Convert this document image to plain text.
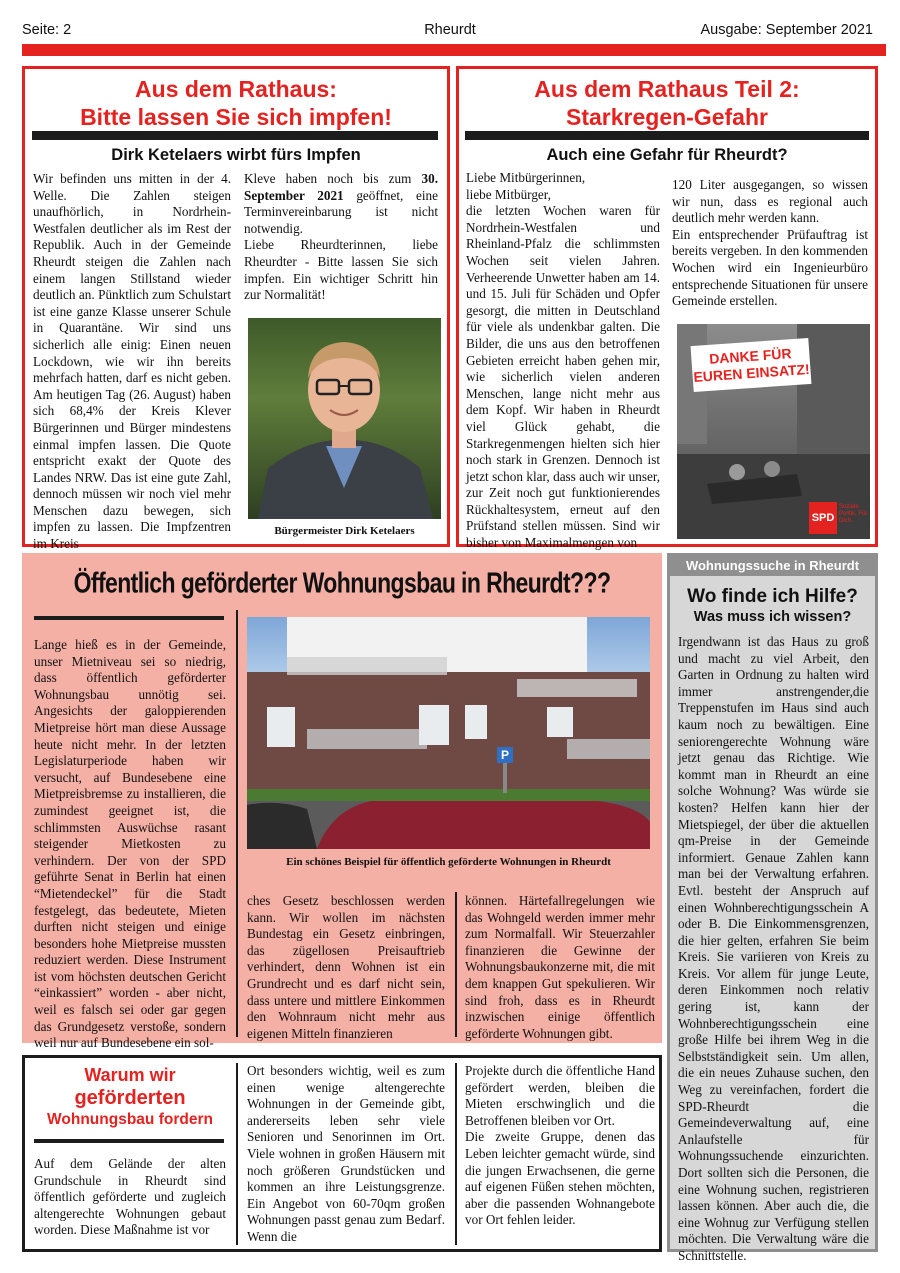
Seite: 2	Rheurdt	Ausgabe: September 2021
Aus dem Rathaus:
Bitte lassen Sie sich impfen!
Dirk Ketelaers wirbt fürs Impfen
Wir befinden uns mitten in der 4. Welle. Die Zahlen steigen unaufhörlich, in Nordrhein-Westfalen deutlicher als im Rest der Republik. Auch in der Gemeinde Rheurdt steigen die Zahlen nach einem langen Stillstand wieder deutlich an. Pünktlich zum Schulstart ist eine ganze Klasse unserer Schule in Quarantäne. Wir sind uns sicherlich alle einig: Einen neuen Lockdown, wie wir ihn bereits mehrfach hatten, darf es nicht geben. Am heutigen Tag (26. August) haben sich 68,4% der Kreis Klever Bürgerinnen und Bürger mindestens einmal impfen lassen. Die Quote entspricht exakt der Quote des Landes NRW. Das ist eine gute Zahl, dennoch müssen wir noch viel mehr Menschen dazu bewegen, sich impfen zu lassen. Die Impfzentren im Kreis

Kleve haben noch bis zum 30. September 2021 geöffnet, eine Terminvereinbarung ist nicht notwendig.

Liebe Rheurdterinnen, liebe Rheurdter - Bitte lassen Sie sich impfen. Ein wichtiger Schritt hin zur Normalität!

Bürgermeister Dirk Ketelaers
Aus dem Rathaus Teil 2:
Starkregen-Gefahr
Auch eine Gefahr für Rheurdt?

Liebe Mitbürgerinnen,

liebe Mitbürger,

die letzten Wochen waren für Nordrhein-Westfalen und Rheinland-Pfalz die schlimmsten Wochen seit vielen Jahren. Verheerende Unwetter haben am 14. und 15. Juli für Schäden und Opfer gesorgt, die mitten in Deutschland für viele als undenkbar galten. Die Bilder, die uns aus den betroffenen Gebieten erreicht haben gehen mir, wie sicherlich vielen anderen Menschen, lange nicht mehr aus dem Kopf. Wir haben in Rheurdt viel Glück gehabt, die Starkregenmengen hielten sich hier noch stark in Grenzen. Dennoch ist jetzt schon klar, dass auch wir unser, zur Zeit noch gut funktionierendes Rückhaltesystem, erneut auf den Prüfstand stellen müssen. Sind wir bisher von Maximalmengen von

120 Liter ausgegangen, so wissen wir nun, dass es regional auch deutlich mehr werden kann.

Ein entsprechender Prüfauftrag ist bereits vergeben. In den kommenden Wochen wird ein Ingenieurbüro entsprechende Situationen für unsere Gemeinde erstellen.

DANKE FÜR
EUREN EINSATZ!
SPD
Soziale. Politik. Für Dich.
Öffentlich geförderter Wohnungsbau in Rheurdt???
Lange hieß es in der Gemeinde, unser Mietniveau sei so niedrig, dass öffentlich geförderter Wohnungsbau unnötig sei. Angesichts der galoppierenden Mietpreise hört man diese Aussage heute nicht mehr. In der letzten Legislaturperiode haben wir versucht, auf Bundesebene eine Mietpreisbremse zu installieren, die zumindest geeignet ist, die schlimmsten Auswüchse rasant steigender Mietkosten zu verhindern. Der von der SPD geführte Senat in Berlin hat einen “Mietendeckel” für die Stadt festgelegt, das bedeutete, Mieten durften nicht steigen und einige besonders hohe Mietpreise mussten reduziert werden. Diese Instrument ist vom höchsten deutschen Gericht “einkassiert” worden - aber nicht, weil es falsch sei oder gar gegen das Grundgesetz verstoße, sondern weil nur auf Bundesebene ein sol-
P
Ein schönes Beispiel für öffentlich geförderte Wohnungen in Rheurdt
ches Gesetz beschlossen werden kann. Wir wollen im nächsten Bundestag ein Gesetz einbringen, das zügellosen Preisauftrieb verhindert, denn Wohnen ist ein Grundrecht und es darf nicht sein, dass untere und mittlere Einkommen den Wohnraum nicht mehr aus eigenen Mitteln finanzieren
können. Härtefallregelungen wie das Wohngeld werden immer mehr zum Normalfall. Wir Steuerzahler finanzieren die Gewinne der Wohnungsbaukonzerne mit, die mit dem knappen Gut spekulieren. Wir sind froh, dass es in Rheurdt inzwischen einige öffentlich geförderte Wohnungen gibt.
Warum wir
geförderten
Wohnungsbau fordern
Auf dem Gelände der alten Grundschule in Rheurdt sind öffentlich geförderte und zugleich altengerechte Wohnungen gebaut worden. Diese Maßnahme ist vor
Ort besonders wichtig, weil es zum einen wenige altengerechte Wohnungen in der Gemeinde gibt, andererseits leben sehr viele Senioren und Senorinnen im Ort. Viele wohnen in großen Häusern mit noch größeren Grundstücken und kommen an ihre Leistungsgrenze. Ein Angebot von 60-70qm großen Wohnungen passt genau zum Bedarf. Wenn die

Projekte durch die öffentliche Hand gefördert werden, bleiben die Mieten erschwinglich und die Betroffenen bleiben vor Ort.

Die zweite Gruppe, denen das Leben leichter gemacht würde, sind die jungen Erwachsenen, die gerne auf eigenen Füßen stehen möchten, aber die passenden Wohnangebote vor Ort fehlen leider.

Wohnungssuche in Rheurdt
Wo finde ich Hilfe?
Was muss ich wissen?
Irgendwann ist das Haus zu groß und macht zu viel Arbeit, den Garten in Ordnung zu halten wird immer anstrengender,die Treppenstufen im Haus sind auch kaum noch zu bewältigen. Eine seniorengerechte Wohnung wäre jetzt genau das Richtige. Wie kommt man in Rheurdt an eine solche Wohnung? Was würde sie kosten? Helfen kann hier der Mietspiegel, der über die aktuellen qm-Preise in der Gemeinde informiert. Genaue Zahlen kann man bei der Verwaltung erfahren. Evtl. besteht der Anspruch auf einen Wohnberechtigungsschein A oder B. Die Einkommensgrenzen, die hier gelten, erfahren Sie beim Kreis. Sie variieren von Kreis zu Kreis. Vor allem für junge Leute, deren Einkommen noch relativ gering ist, kann der Wohnberechtigungsschein eine große Hilfe bei ihrem Weg in die Selbstständigkeit sein. Um allen, die ein neues Zuhause suchen, den Weg zu vereinfachen, fordert die SPD-Rheurdt die Gemeindeverwaltung auf, eine Anlaufstelle für Wohnungssuchende einzurichten. Dort sollten sich die Personen, die eine Wohnung suchen, registrieren lassen können. Aber auch die, die eine Wohnug zur Verfügung stellen möchten. Die Verwaltung wäre die Schnittstelle.
